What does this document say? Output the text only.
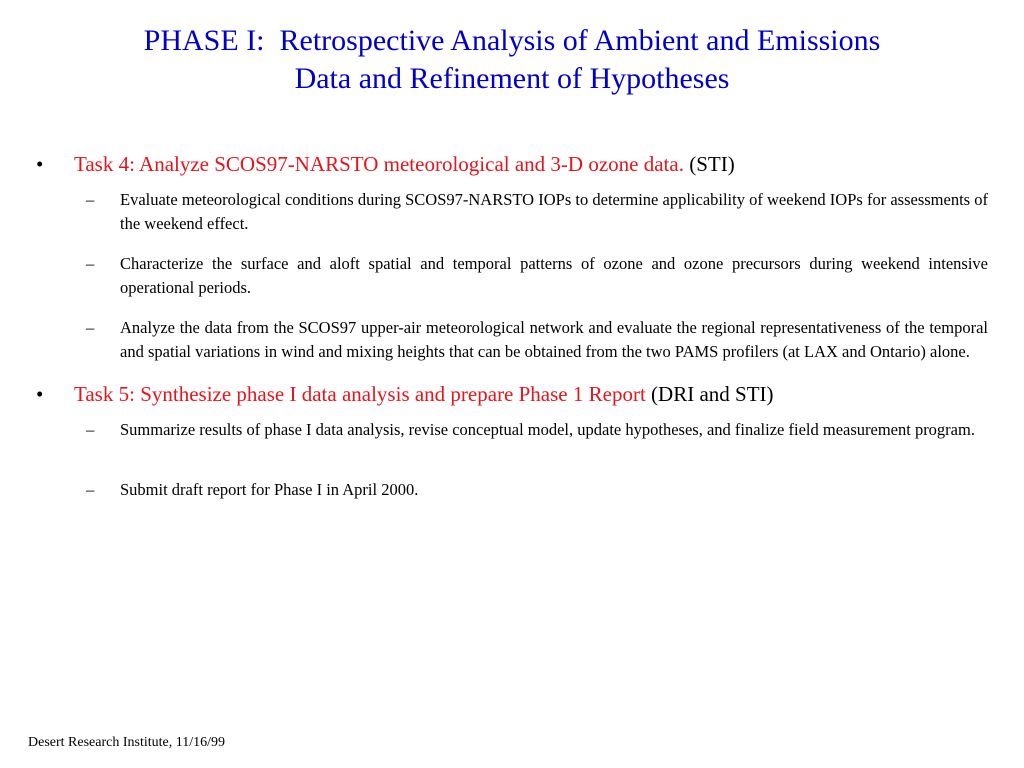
PHASE I:  Retrospective Analysis of Ambient and Emissions
Data and Refinement of Hypotheses

• Task 4: Analyze SCOS97-NARSTO meteorological and 3-D ozone data. (STI)

– Evaluate meteorological conditions during SCOS97-NARSTO IOPs to determine applicability of weekend IOPs for assessments of the weekend effect.

– Characterize the surface and aloft spatial and temporal patterns of ozone and ozone precursors during weekend intensive operational periods.

– Analyze the data from the SCOS97 upper-air meteorological network and evaluate the regional representativeness of the temporal and spatial variations in wind and mixing heights that can be obtained from the two PAMS profilers (at LAX and Ontario) alone.

• Task 5: Synthesize phase I data analysis and prepare Phase 1 Report (DRI and STI)

– Summarize results of phase I data analysis, revise conceptual model, update hypotheses, and finalize field measurement program.

– Submit draft report for Phase I in April 2000.

Desert Research Institute, 11/16/99
